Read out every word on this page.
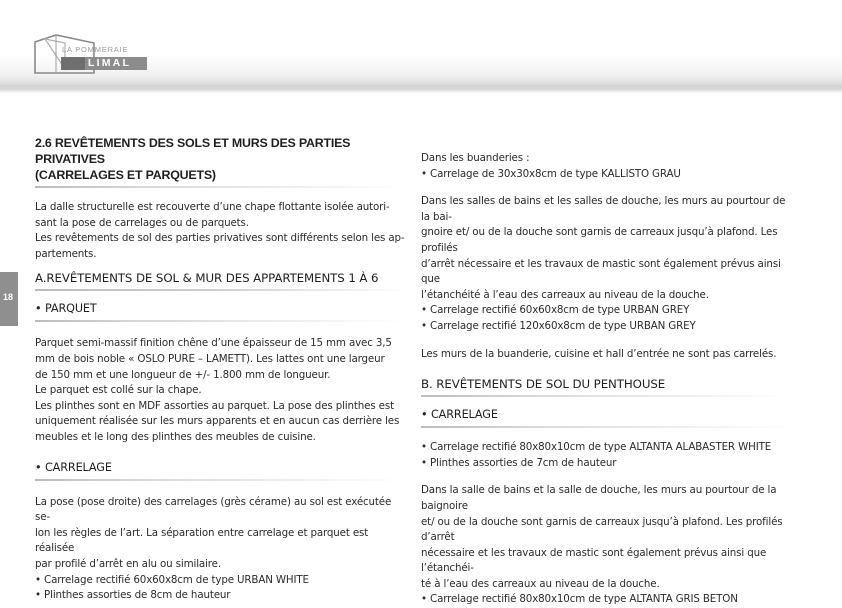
LA POMMERAIE
LIMAL
18

2.6 REVÊTEMENTS DES SOLS ET MURS DES PARTIES PRIVATIVES

(CARRELAGES ET PARQUETS)

La dalle structurelle est recouverte d’une chape flottante isolée autori-

sant la pose de carrelages ou de parquets.

Les revêtements de sol des parties privatives sont différents selon les ap-

partements.

A.REVÊTEMENTS DE SOL & MUR DES APPARTEMENTS 1 À 6

• PARQUET

Parquet semi-massif finition chêne d’une épaisseur de 15 mm avec 3,5

mm de bois noble « OSLO PURE – LAMETT). Les lattes ont une largeur

de 150 mm et une longueur de +/- 1.800 mm de longueur.

Le parquet est collé sur la chape.

Les plinthes sont en MDF assorties au parquet. La pose des plinthes est

uniquement réalisée sur les murs apparents et en aucun cas derrière les

meubles et le long des plinthes des meubles de cuisine.

• CARRELAGE

La pose (pose droite) des carrelages (grès cérame) au sol est exécutée se-

lon les règles de l’art. La séparation entre carrelage et parquet est réalisée

par profilé d’arrêt en alu ou similaire.

• Carrelage rectifié 60x60x8cm de type URBAN WHITE

• Plinthes assorties de 8cm de hauteur

Dans les buanderies :

• Carrelage de 30x30x8cm de type KALLISTO GRAU

Dans les salles de bains et les salles de douche, les murs au pourtour de la bai-

gnoire et/ ou de la douche sont garnis de carreaux jusqu’à plafond. Les profilés

d’arrêt nécessaire et les travaux de mastic sont également prévus ainsi que

l’étanchéité à l’eau des carreaux au niveau de la douche.

• Carrelage rectifié 60x60x8cm de type URBAN GREY

• Carrelage rectifié 120x60x8cm de type URBAN GREY

Les murs de la buanderie, cuisine et hall d’entrée ne sont pas carrelés.

B. REVÊTEMENTS DE SOL DU PENTHOUSE

• CARRELAGE

• Carrelage rectifié 80x80x10cm de type ALTANTA ALABASTER WHITE

• Plinthes assorties de 7cm de hauteur

Dans la salle de bains et la salle de douche, les murs au pourtour de la baignoire

et/ ou de la douche sont garnis de carreaux jusqu’à plafond. Les profilés d’arrêt

nécessaire et les travaux de mastic sont également prévus ainsi que l’étanchéi-

té à l’eau des carreaux au niveau de la douche.

• Carrelage rectifié 80x80x10cm de type ALTANTA GRIS BETON
